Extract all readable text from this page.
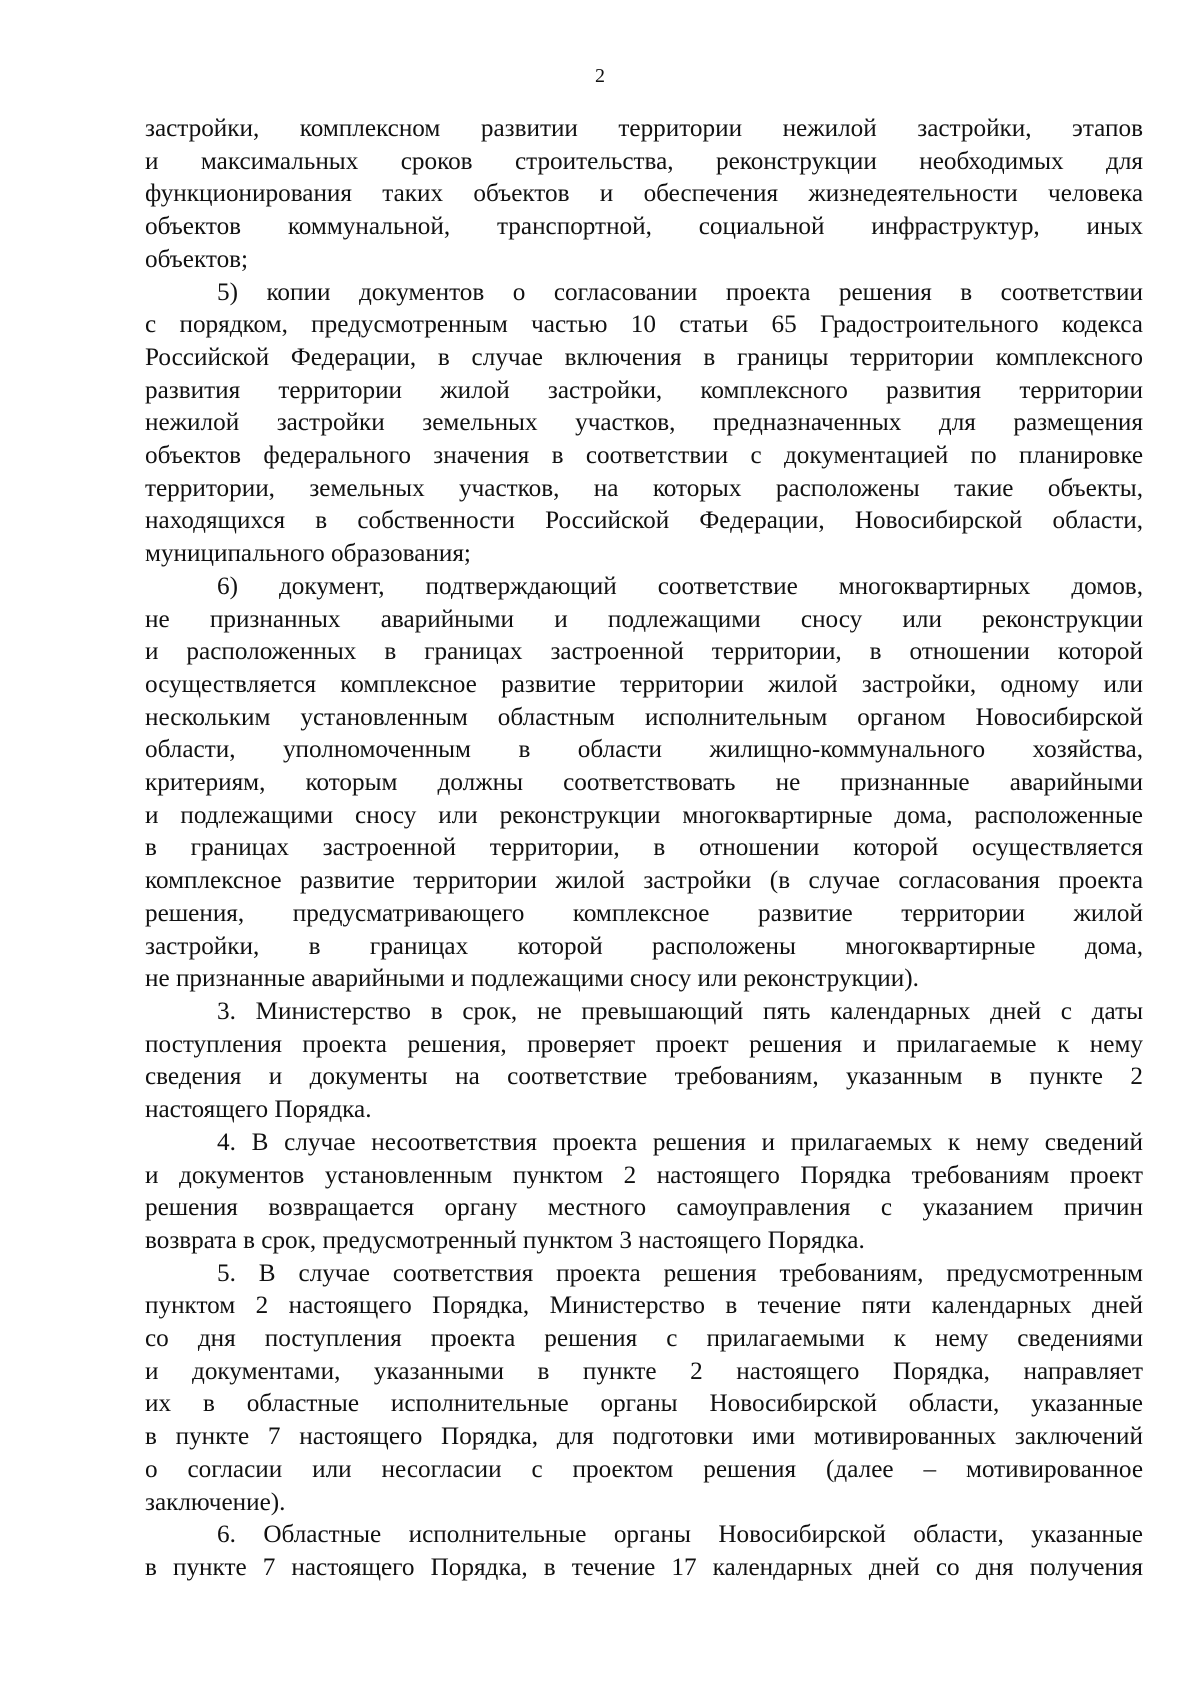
2
застройки, комплексном развитии территории нежилой застройки, этапов
и максимальных сроков строительства, реконструкции необходимых для
функционирования таких объектов и обеспечения жизнедеятельности человека
объектов коммунальной, транспортной, социальной инфраструктур, иных
объектов;
5) копии документов о согласовании проекта решения в соответствии
с порядком, предусмотренным частью 10 статьи 65 Градостроительного кодекса
Российской Федерации, в случае включения в границы территории комплексного
развития территории жилой застройки, комплексного развития территории
нежилой застройки земельных участков, предназначенных для размещения
объектов федерального значения в соответствии с документацией по планировке
территории, земельных участков, на которых расположены такие объекты,
находящихся в собственности Российской Федерации, Новосибирской области,
муниципального образования;
6) документ, подтверждающий соответствие многоквартирных домов,
не признанных аварийными и подлежащими сносу или реконструкции
и расположенных в границах застроенной территории, в отношении которой
осуществляется комплексное развитие территории жилой застройки, одному или
нескольким установленным областным исполнительным органом Новосибирской
области, уполномоченным в области жилищно-коммунального хозяйства,
критериям, которым должны соответствовать не признанные аварийными
и подлежащими сносу или реконструкции многоквартирные дома, расположенные
в границах застроенной территории, в отношении которой осуществляется
комплексное развитие территории жилой застройки (в случае согласования проекта
решения, предусматривающего комплексное развитие территории жилой
застройки, в границах которой расположены многоквартирные дома,
не признанные аварийными и подлежащими сносу или реконструкции).
3. Министерство в срок, не превышающий пять календарных дней с даты
поступления проекта решения, проверяет проект решения и прилагаемые к нему
сведения и документы на соответствие требованиям, указанным в пункте 2
настоящего Порядка.
4. В случае несоответствия проекта решения и прилагаемых к нему сведений
и документов установленным пунктом 2 настоящего Порядка требованиям проект
решения возвращается органу местного самоуправления с указанием причин
возврата в срок, предусмотренный пунктом 3 настоящего Порядка.
5. В случае соответствия проекта решения требованиям, предусмотренным
пунктом 2 настоящего Порядка, Министерство в течение пяти календарных дней
со дня поступления проекта решения с прилагаемыми к нему сведениями
и документами, указанными в пункте 2 настоящего Порядка, направляет
их в областные исполнительные органы Новосибирской области, указанные
в пункте 7 настоящего Порядка, для подготовки ими мотивированных заключений
о согласии или несогласии с проектом решения (далее – мотивированное
заключение).
6. Областные исполнительные органы Новосибирской области, указанные
в пункте 7 настоящего Порядка, в течение 17 календарных дней со дня получения
